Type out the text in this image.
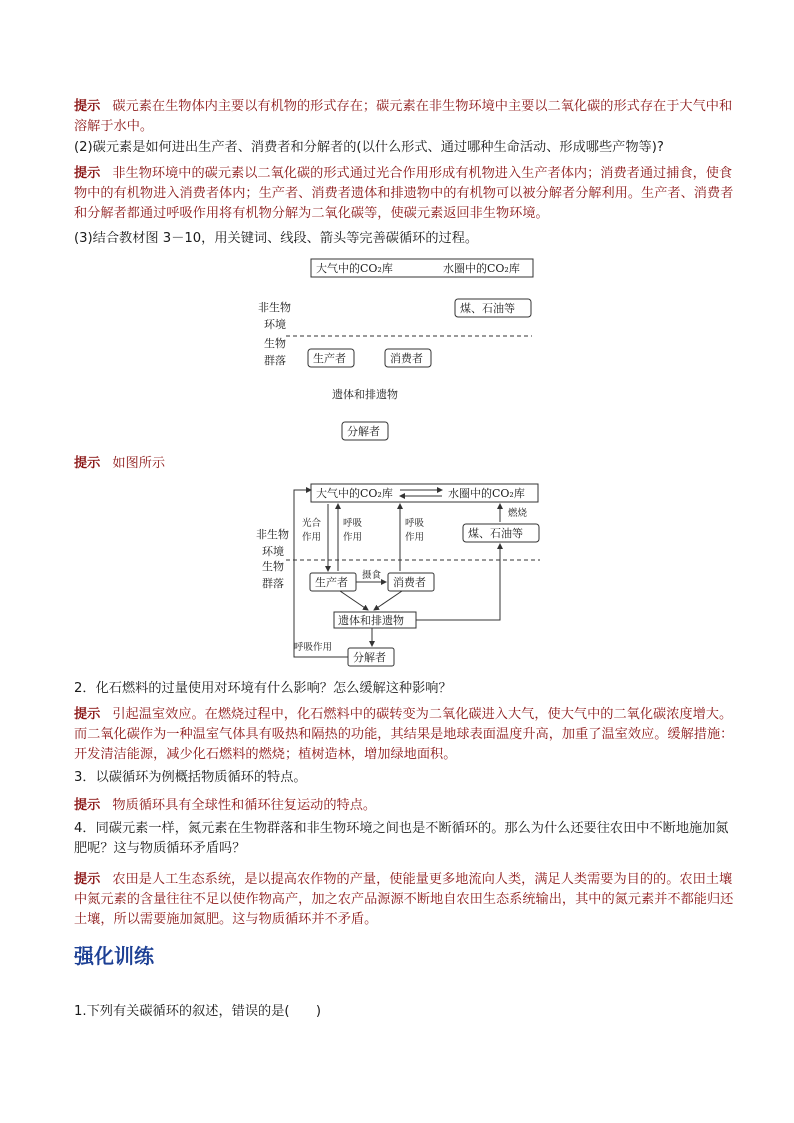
提示 碳元素在生物体内主要以有机物的形式存在；碳元素在非生物环境中主要以二氧化碳的形式存在于大气中和溶解于水中。
(2)碳元素是如何进出生产者、消费者和分解者的(以什么形式、通过哪种生命活动、形成哪些产物等)?
提示 非生物环境中的碳元素以二氧化碳的形式通过光合作用形成有机物进入生产者体内；消费者通过捕食，使食物中的有机物进入消费者体内；生产者、消费者遗体和排遗物中的有机物可以被分解者分解利用。生产者、消费者和分解者都通过呼吸作用将有机物分解为二氧化碳等，使碳元素返回非生物环境。
(3)结合教材图 3－10，用关键词、线段、箭头等完善碳循环的过程。
大气中的CO₂库	水圈中的CO₂库
煤、石油等
非生物
环境
生物
群落 生产者	消费者
遗体和排遗物
分解者
提示 如图所示
大气中的CO₂库	水圈中的CO₂库
燃烧
煤、石油等
非生物
环境
生物
群落
光合
作用
呼吸
作用
呼吸
作用
生产者
摄食
消费者
遗体和排遗物
分解者
呼吸作用
2．化石燃料的过量使用对环境有什么影响？怎么缓解这种影响？
提示 引起温室效应。在燃烧过程中，化石燃料中的碳转变为二氧化碳进入大气，使大气中的二氧化碳浓度增大。而二氧化碳作为一种温室气体具有吸热和隔热的功能，其结果是地球表面温度升高，加重了温室效应。缓解措施：开发清洁能源，减少化石燃料的燃烧；植树造林，增加绿地面积。
3．以碳循环为例概括物质循环的特点。
提示 物质循环具有全球性和循环往复运动的特点。
4．同碳元素一样，氮元素在生物群落和非生物环境之间也是不断循环的。那么为什么还要往农田中不断地施加氮肥呢？这与物质循环矛盾吗？
提示 农田是人工生态系统，是以提高农作物的产量，使能量更多地流向人类，满足人类需要为目的的。农田土壤中氮元素的含量往往不足以使作物高产，加之农产品源源不断地自农田生态系统输出，其中的氮元素并不都能归还土壤，所以需要施加氮肥。这与物质循环并不矛盾。
强化训练
1.下列有关碳循环的叙述，错误的是(　　)
